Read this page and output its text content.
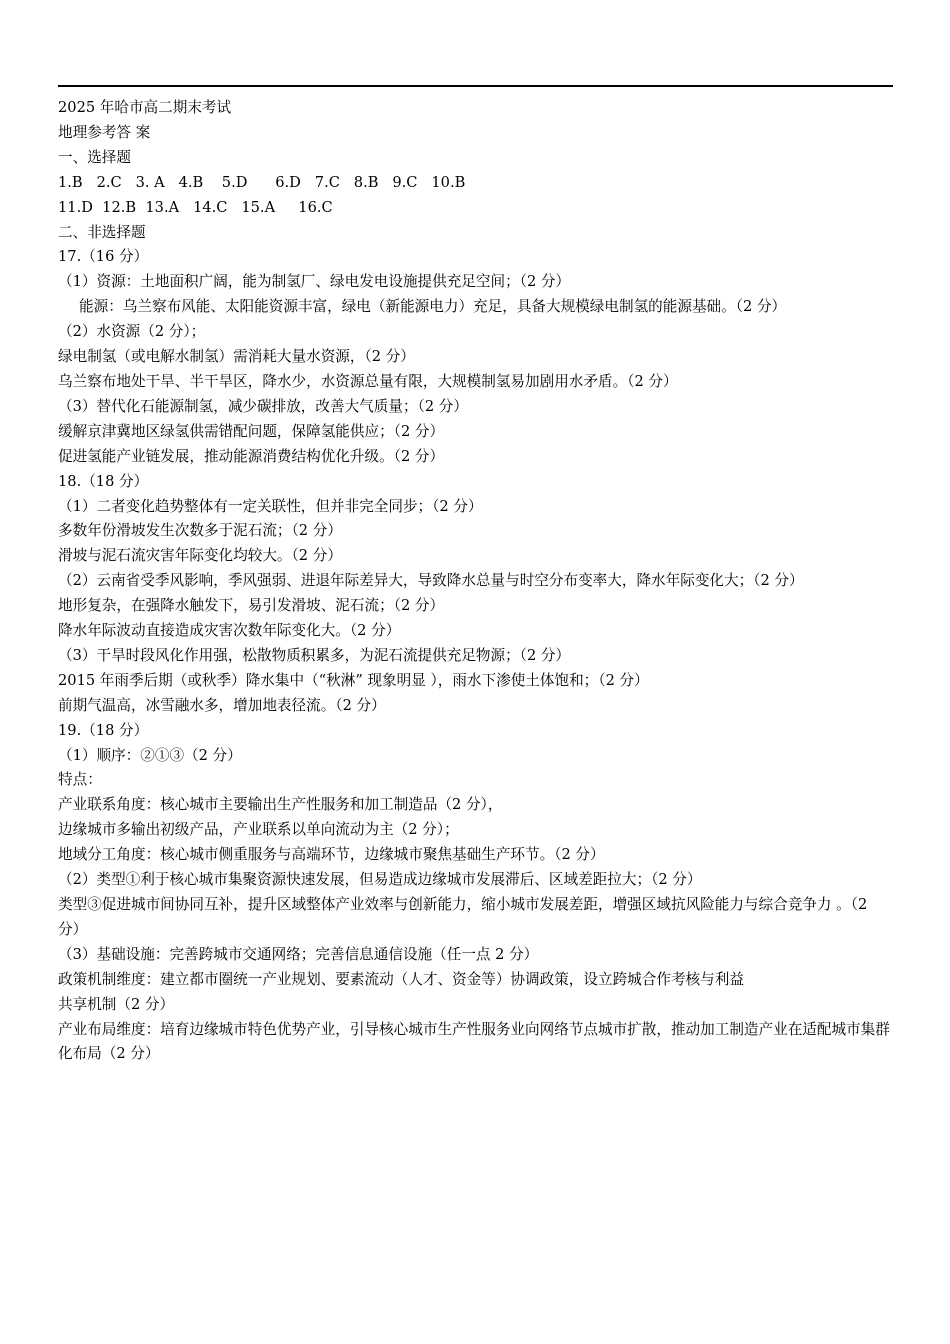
2025 年哈市高二期末考试
地理参考答 案
一、选择题
1.B   2.C   3. A   4.B    5.D      6.D   7.C   8.B   9.C   10.B
11.D  12.B  13.A   14.C   15.A     16.C
二、非选择题
17.（16 分）
（1）资源：土地面积广阔，能为制氢厂、绿电发电设施提供充足空间；（2 分）
能源：乌兰察布风能、太阳能资源丰富，绿电（新能源电力）充足，具备大规模绿电制氢的能源基础。（2 分）
（2）水资源（2 分）；
绿电制氢（或电解水制氢）需消耗大量水资源，（2 分）
乌兰察布地处干旱、半干旱区，降水少，水资源总量有限，大规模制氢易加剧用水矛盾。（2 分）
（3）替代化石能源制氢，减少碳排放，改善大气质量；（2 分）
缓解京津冀地区绿氢供需错配问题，保障氢能供应；（2 分）
促进氢能产业链发展，推动能源消费结构优化升级。（2 分）
18.（18 分）
（1）二者变化趋势整体有一定关联性，但并非完全同步；（2 分）
多数年份滑坡发生次数多于泥石流；（2 分）
滑坡与泥石流灾害年际变化均较大。（2 分）
（2）云南省受季风影响，季风强弱、进退年际差异大，导致降水总量与时空分布变率大，降水年际变化大；（2 分）
地形复杂，在强降水触发下，易引发滑坡、泥石流；（2 分）
降水年际波动直接造成灾害次数年际变化大。（2 分）
（3）干旱时段风化作用强，松散物质积累多，为泥石流提供充足物源；（2 分）
2015 年雨季后期（或秋季）降水集中（“秋淋” 现象明显 ），雨水下渗使土体饱和；（2 分）
前期气温高，冰雪融水多，增加地表径流。（2 分）
19.（18 分）
（1）顺序：②①③（2 分）
特点：
产业联系角度：核心城市主要输出生产性服务和加工制造品（2 分），
边缘城市多输出初级产品，产业联系以单向流动为主（2 分）；
地域分工角度：核心城市侧重服务与高端环节，边缘城市聚焦基础生产环节。（2 分）
（2）类型①利于核心城市集聚资源快速发展，但易造成边缘城市发展滞后、区域差距拉大；（2 分）
类型③促进城市间协同互补，提升区域整体产业效率与创新能力，缩小城市发展差距，增强区域抗风险能力与综合竞争力 。（2 分）
（3）基础设施：完善跨城市交通网络；完善信息通信设施（任一点 2 分）
政策机制维度：建立都市圈统一产业规划、要素流动（人才、资金等）协调政策，设立跨城合作考核与利益
共享机制（2 分）
产业布局维度：培育边缘城市特色优势产业，引导核心城市生产性服务业向网络节点城市扩散，推动加工制造产业在适配城市集群化布局（2 分）
